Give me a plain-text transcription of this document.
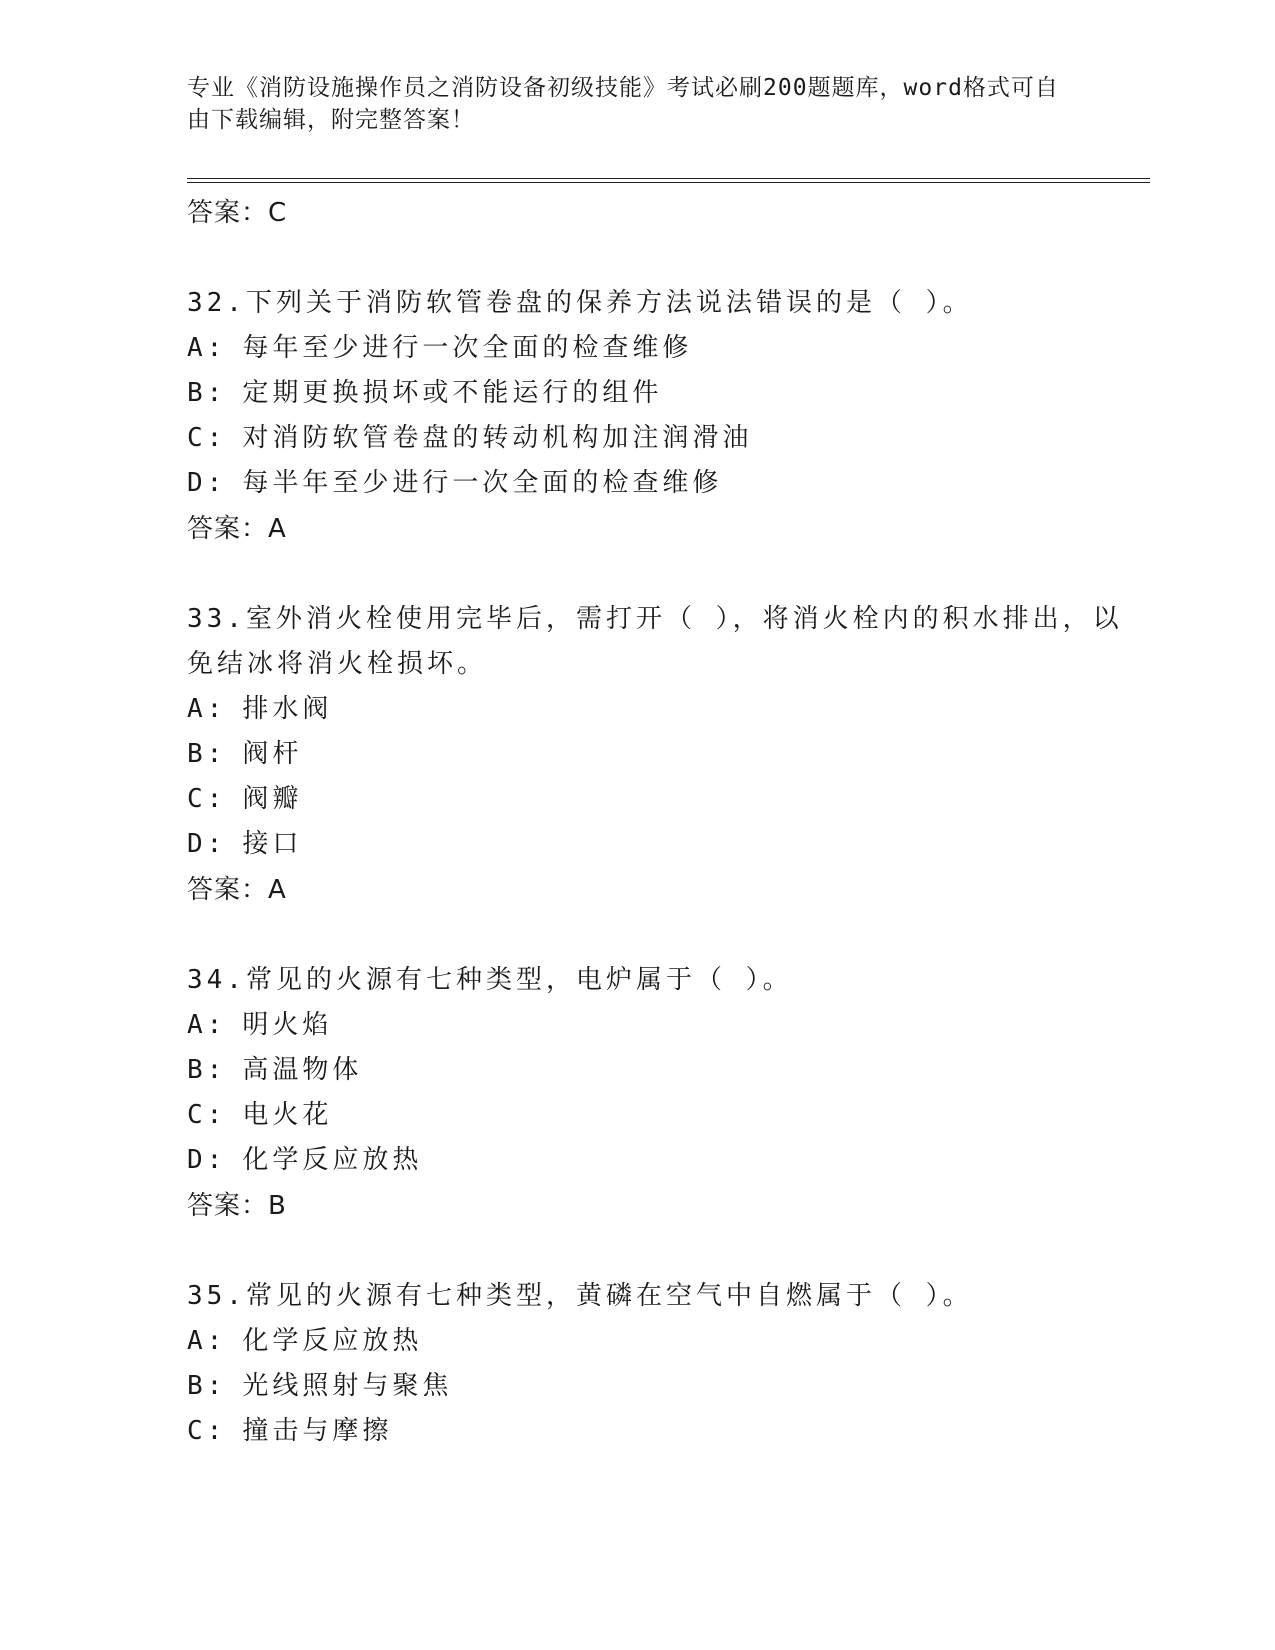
专业《消防设施操作员之消防设备初级技能》考试必刷200题题库，word格式可自由下载编辑，附完整答案！
答案：C
32.下列关于消防软管卷盘的保养方法说法错误的是（ ）。
A: 每年至少进行一次全面的检查维修
B: 定期更换损坏或不能运行的组件
C: 对消防软管卷盘的转动机构加注润滑油
D: 每半年至少进行一次全面的检查维修
答案：A
33.室外消火栓使用完毕后，需打开（ ），将消火栓内的积水排出，以免结冰将消火栓损坏。
A: 排水阀
B: 阀杆
C: 阀瓣
D: 接口
答案：A
34.常见的火源有七种类型，电炉属于（ ）。
A: 明火焰
B: 高温物体
C: 电火花
D: 化学反应放热
答案：B
35.常见的火源有七种类型，黄磷在空气中自燃属于（ ）。
A: 化学反应放热
B: 光线照射与聚焦
C: 撞击与摩擦
